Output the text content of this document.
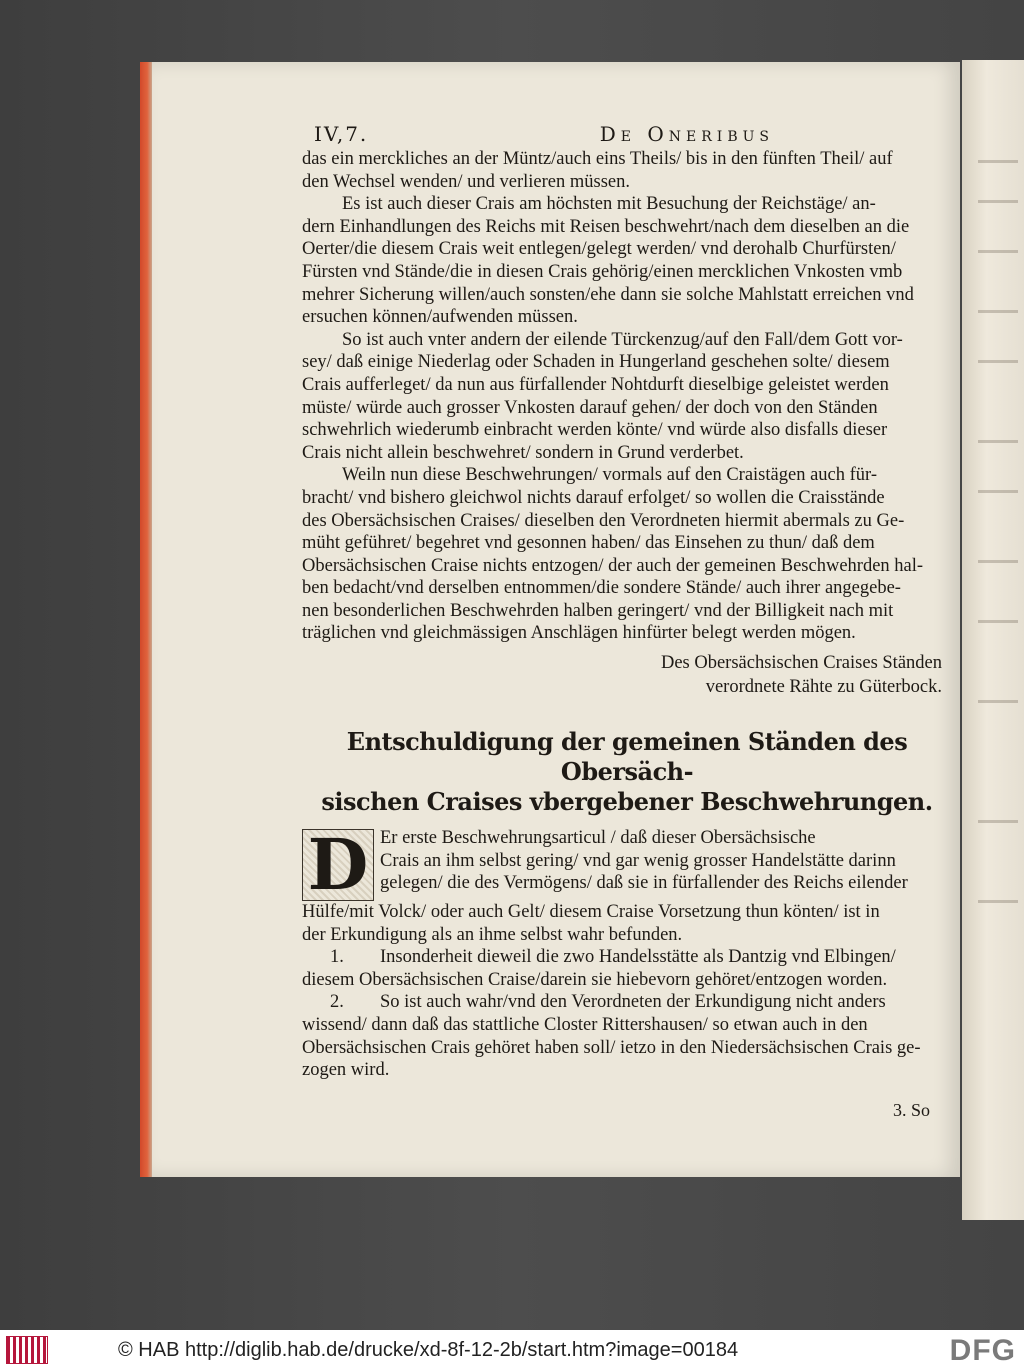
IV,7.	De Oneribus
das ein merckliches an der Müntz/auch eins Theils/ bis in den fünften Theil/ auf
den Wechsel wenden/ und verlieren müssen.
Es ist auch dieser Crais am höchsten mit Besuchung der Reichstäge/ an-
dern Einhandlungen des Reichs mit Reisen beschwehrt/nach dem dieselben an die
Oerter/die diesem Crais weit entlegen/gelegt werden/ vnd derohalb Churfürsten/
Fürsten vnd Stände/die in diesen Crais gehörig/einen mercklichen Vnkosten vmb
mehrer Sicherung willen/auch sonsten/ehe dann sie solche Mahlstatt erreichen vnd
ersuchen können/aufwenden müssen.
So ist auch vnter andern der eilende Türckenzug/auf den Fall/dem Gott vor-
sey/ daß einige Niederlag oder Schaden in Hungerland geschehen solte/ diesem
Crais aufferleget/ da nun aus fürfallender Nohtdurft dieselbige geleistet werden
müste/ würde auch grosser Vnkosten darauf gehen/ der doch von den Ständen
schwehrlich wiederumb einbracht werden könte/ vnd würde also disfalls dieser
Crais nicht allein beschwehret/ sondern in Grund verderbet.
Weiln nun diese Beschwehrungen/ vormals auf den Craistägen auch für-
bracht/ vnd bishero gleichwol nichts darauf erfolget/ so wollen die Craisstände
des Obersächsischen Craises/ dieselben den Verordneten hiermit abermals zu Ge-
müht geführet/ begehret vnd gesonnen haben/ das Einsehen zu thun/ daß dem
Obersächsischen Craise nichts entzogen/ der auch der gemeinen Beschwehrden hal-
ben bedacht/vnd derselben entnommen/die sondere Stände/ auch ihrer angegebe-
nen besonderlichen Beschwehrden halben geringert/ vnd der Billigkeit nach mit
träglichen vnd gleichmässigen Anschlägen hinfürter belegt werden mögen.
Des Obersächsischen Craises Ständen
verordnete Rähte zu Güterbock.
Entschuldigung der gemeinen Ständen des Obersäch-
sischen Craises vbergebener Beschwehrungen.
D Er erste Beschwehrungsarticul / daß dieser Obersächsische
Crais an ihm selbst gering/ vnd gar wenig grosser Handelstätte darinn
gelegen/ die des Vermögens/ daß sie in fürfallender des Reichs eilender
Hülfe/mit Volck/ oder auch Gelt/ diesem Craise Vorsetzung thun könten/ ist in
der Erkundigung als an ihme selbst wahr befunden.
1. Insonderheit dieweil die zwo Handelsstätte als Dantzig vnd Elbingen/
diesem Obersächsischen Craise/darein sie hiebevorn gehöret/entzogen worden.
2. So ist auch wahr/vnd den Verordneten der Erkundigung nicht anders
wissend/ dann daß das stattliche Closter Rittershausen/ so etwan auch in den
Obersächsischen Crais gehöret haben soll/ ietzo in den Niedersächsischen Crais ge-
zogen wird.
3. So
© HAB http://diglib.hab.de/drucke/xd-8f-12-2b/start.htm?image=00184	DFG
